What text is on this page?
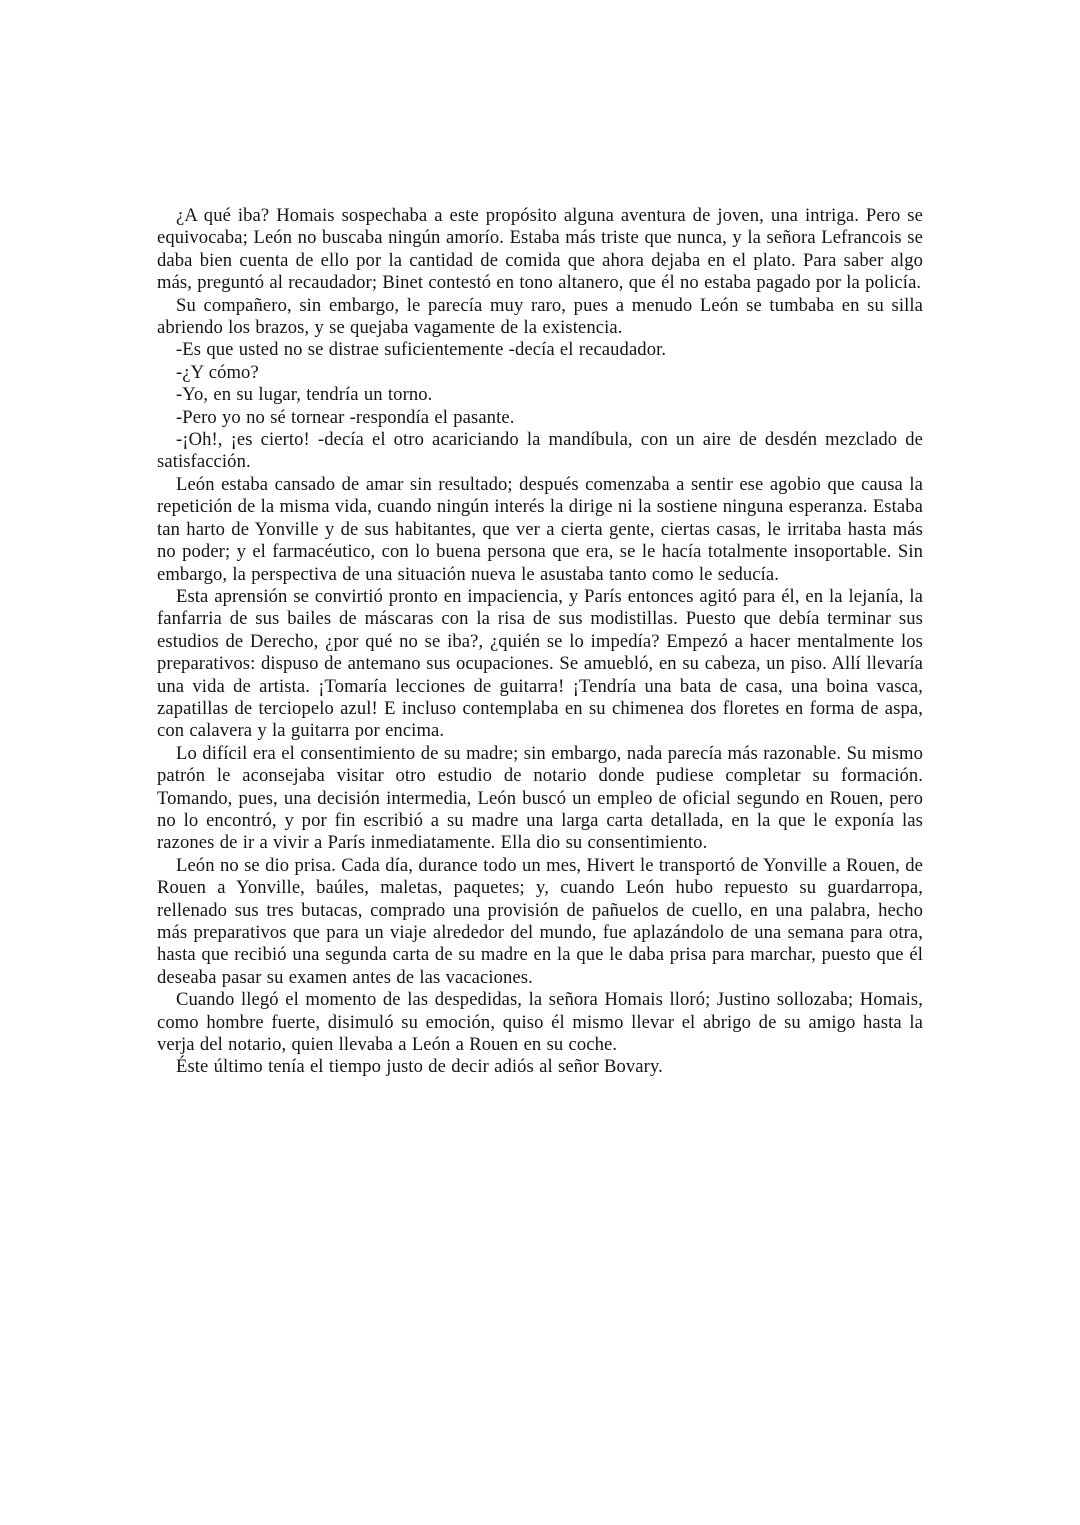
¿A qué iba? Homais sospechaba a este propósito alguna aventura de joven, una intriga. Pero se equivocaba; León no buscaba ningún amorío. Estaba más triste que nunca, y la señora Lefrancois se daba bien cuenta de ello por la cantidad de comida que ahora dejaba en el plato. Para saber algo más, preguntó al recaudador; Binet contestó en tono altanero, que él no estaba pagado por la policía.

Su compañero, sin embargo, le parecía muy raro, pues a menudo León se tumbaba en su silla abriendo los brazos, y se quejaba vagamente de la existencia.

-Es que usted no se distrae suficientemente -decía el recaudador.

-¿Y cómo?

-Yo, en su lugar, tendría un torno.

-Pero yo no sé tornear -respondía el pasante.

-¡Oh!, ¡es cierto! -decía el otro acariciando la mandíbula, con un aire de desdén mezclado de satisfacción.

León estaba cansado de amar sin resultado; después comenzaba a sentir ese agobio que causa la repetición de la misma vida, cuando ningún interés la dirige ni la sostiene ninguna esperanza. Estaba tan harto de Yonville y de sus habitantes, que ver a cierta gente, ciertas casas, le irritaba hasta más no poder; y el farmacéutico, con lo buena persona que era, se le hacía totalmente insoportable. Sin embargo, la perspectiva de una situación nueva le asustaba tanto como le seducía.

Esta aprensión se convirtió pronto en impaciencia, y París entonces agitó para él, en la lejanía, la fanfarria de sus bailes de máscaras con la risa de sus modistillas. Puesto que debía terminar sus estudios de Derecho, ¿por qué no se iba?, ¿quién se lo impedía? Empezó a hacer mentalmente los preparativos: dispuso de antemano sus ocupaciones. Se amuebló, en su cabeza, un piso. Allí llevaría una vida de artista. ¡Tomaría lecciones de guitarra! ¡Tendría una bata de casa, una boina vasca, zapatillas de terciopelo azul! E incluso contemplaba en su chimenea dos floretes en forma de aspa, con calavera y la guitarra por encima.

Lo difícil era el consentimiento de su madre; sin embargo, nada parecía más razonable. Su mismo patrón le aconsejaba visitar otro estudio de notario donde pudiese completar su formación. Tomando, pues, una decisión intermedia, León buscó un empleo de oficial segundo en Rouen, pero no lo encontró, y por fin escribió a su madre una larga carta detallada, en la que le exponía las razones de ir a vivir a París inmediatamente. Ella dio su consentimiento.

León no se dio prisa. Cada día, durance todo un mes, Hivert le transportó de Yonville a Rouen, de Rouen a Yonville, baúles, maletas, paquetes; y, cuando León hubo repuesto su guardarropa, rellenado sus tres butacas, comprado una provisión de pañuelos de cuello, en una palabra, hecho más preparativos que para un viaje alrededor del mundo, fue aplazándolo de una semana para otra, hasta que recibió una segunda carta de su madre en la que le daba prisa para marchar, puesto que él deseaba pasar su examen antes de las vacaciones.

Cuando llegó el momento de las despedidas, la señora Homais lloró; Justino sollozaba; Homais, como hombre fuerte, disimuló su emoción, quiso él mismo llevar el abrigo de su amigo hasta la verja del notario, quien llevaba a León a Rouen en su coche.

Éste último tenía el tiempo justo de decir adiós al señor Bovary.
